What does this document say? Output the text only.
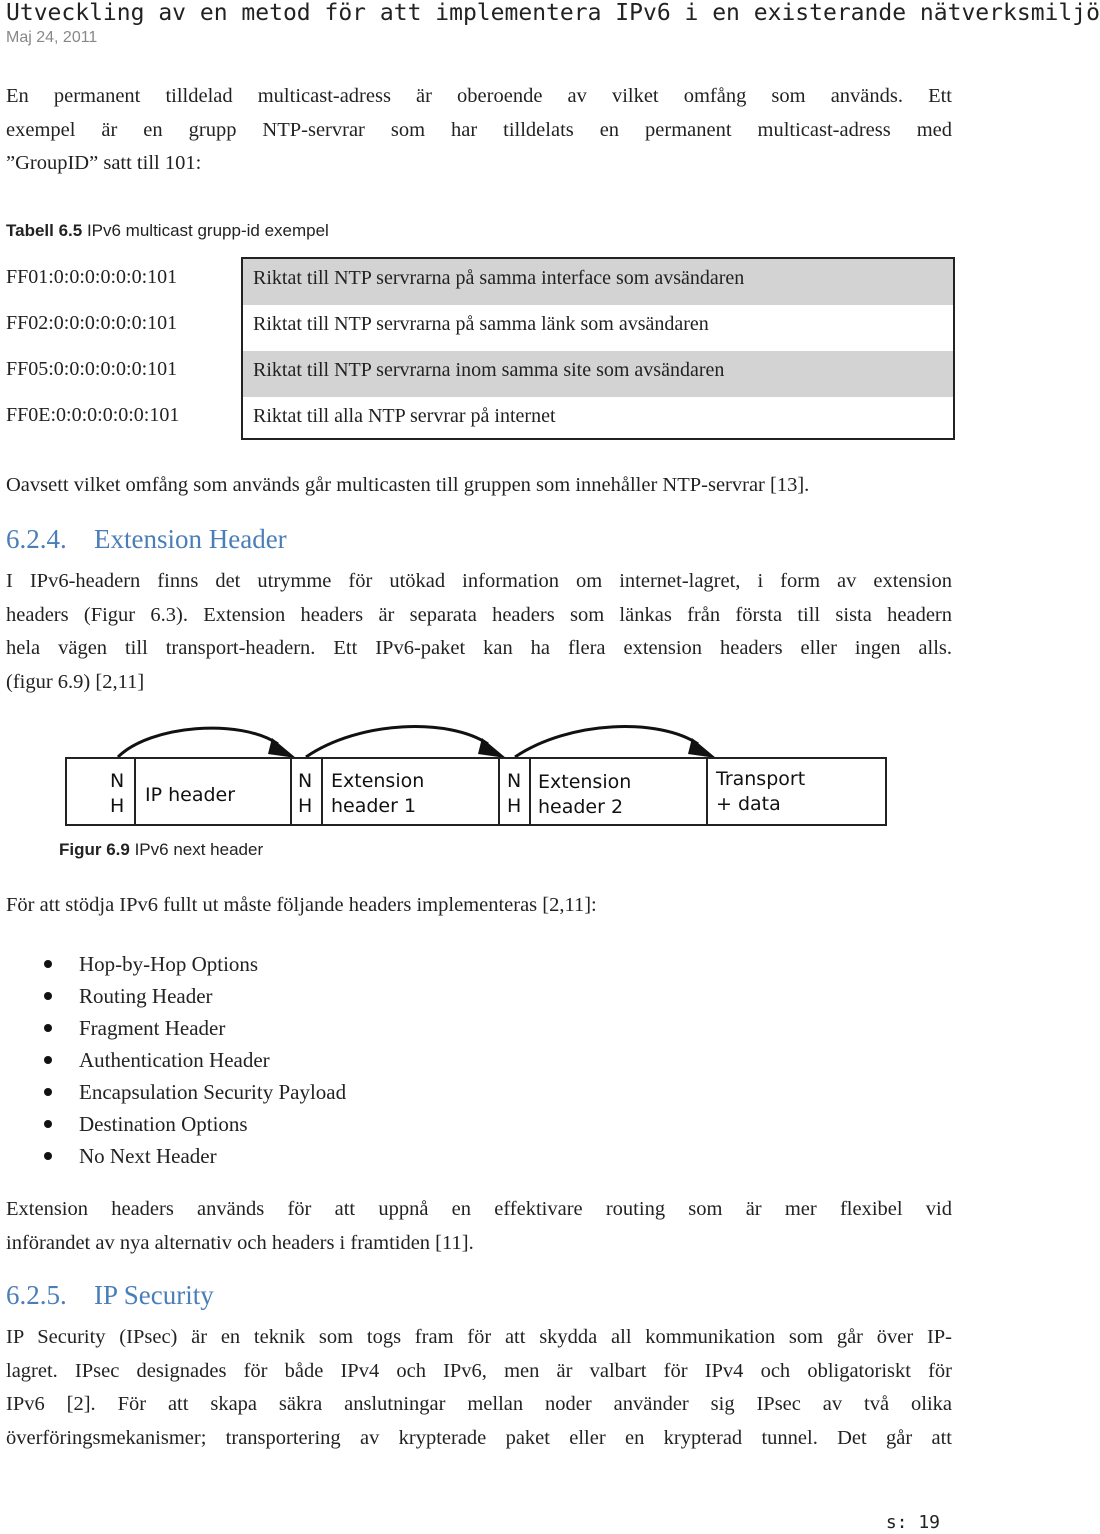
Utveckling av en metod för att implementera IPv6 i en existerande nätverksmiljö
Maj 24, 2011
En permanent tilldelad multicast-adress är oberoende av vilket omfång som används. Ett
exempel är en grupp NTP-servrar som har tilldelats en permanent multicast-adress med
”GroupID” satt till 101:
Tabell 6.5 IPv6 multicast grupp-id exempel
FF01:0:0:0:0:0:0:101
FF02:0:0:0:0:0:0:101
FF05:0:0:0:0:0:0:101
FF0E:0:0:0:0:0:0:101
Riktat till NTP servrarna på samma interface som avsändaren
Riktat till NTP servrarna på samma länk som avsändaren
Riktat till NTP servrarna inom samma site som avsändaren
Riktat till alla NTP servrar på internet
Oavsett vilket omfång som används går multicasten till gruppen som innehåller NTP-servrar [13].
6.2.4. Extension Header
I IPv6-headern finns det utrymme för utökad information om internet-lagret, i form av extension
headers (Figur 6.3). Extension headers är separata headers som länkas från första till sista headern
hela vägen till transport-headern. Ett IPv6-paket kan ha flera extension headers eller ingen alls.
(figur 6.9) [2,11]
N
H IP header
N
H
Extension
header 1
N
H
Extension
header 2
Transport
+ data
Figur 6.9 IPv6 next header
För att stödja IPv6 fullt ut måste följande headers implementeras [2,11]:
Hop-by-Hop Options
Routing Header
Fragment Header
Authentication Header
Encapsulation Security Payload
Destination Options
No Next Header
Extension headers används för att uppnå en effektivare routing som är mer flexibel vid
införandet av nya alternativ och headers i framtiden [11].
6.2.5. IP Security
IP Security (IPsec) är en teknik som togs fram för att skydda all kommunikation som går över IP-
lagret. IPsec designades för både IPv4 och IPv6, men är valbart för IPv4 och obligatoriskt för
IPv6 [2]. För att skapa säkra anslutningar mellan noder använder sig IPsec av två olika
överföringsmekanismer; transportering av krypterade paket eller en krypterad tunnel. Det går att
s: 19
